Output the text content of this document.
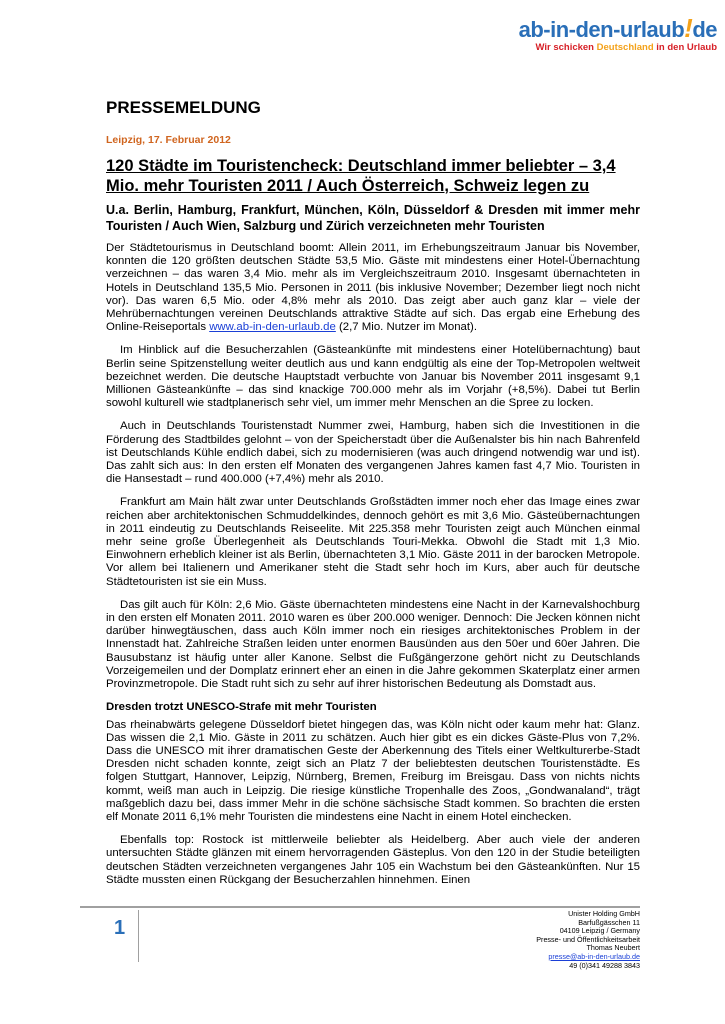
ab-in-den-urlaub!de
Wir schicken Deutschland in den Urlaub
PRESSEMELDUNG
Leipzig, 17. Februar 2012
120 Städte im Touristencheck: Deutschland immer beliebter – 3,4 Mio. mehr Touristen 2011 / Auch Österreich, Schweiz legen zu
U.a. Berlin, Hamburg, Frankfurt, München, Köln, Düsseldorf & Dresden mit immer mehr Touristen / Auch Wien, Salzburg und Zürich verzeichneten mehr Touristen

Der Städtetourismus in Deutschland boomt: Allein 2011, im Erhebungszeitraum Januar bis November, konnten die 120 größten deutschen Städte 53,5 Mio. Gäste mit mindestens einer Hotel-Übernachtung verzeichnen – das waren 3,4 Mio. mehr als im Vergleichszeitraum 2010. Insgesamt übernachteten in Hotels in Deutschland 135,5 Mio. Personen in 2011 (bis inklusive November; Dezember liegt noch nicht vor). Das waren 6,5 Mio. oder 4,8% mehr als 2010. Das zeigt aber auch ganz klar – viele der Mehrübernachtungen vereinen Deutschlands attraktive Städte auf sich. Das ergab eine Erhebung des Online-Reiseportals www.ab-in-den-urlaub.de (2,7 Mio. Nutzer im Monat).

Im Hinblick auf die Besucherzahlen (Gästeankünfte mit mindestens einer Hotelübernachtung) baut Berlin seine Spitzenstellung weiter deutlich aus und kann endgültig als eine der Top-Metropolen weltweit bezeichnet werden. Die deutsche Hauptstadt verbuchte von Januar bis November 2011 insgesamt 9,1 Millionen Gästeankünfte – das sind knackige 700.000 mehr als im Vorjahr (+8,5%). Dabei tut Berlin sowohl kulturell wie stadtplanerisch sehr viel, um immer mehr Menschen an die Spree zu locken.

Auch in Deutschlands Touristenstadt Nummer zwei, Hamburg, haben sich die Investitionen in die Förderung des Stadtbildes gelohnt – von der Speicherstadt über die Außenalster bis hin nach Bahrenfeld ist Deutschlands Kühle endlich dabei, sich zu modernisieren (was auch dringend notwendig war und ist). Das zahlt sich aus: In den ersten elf Monaten des vergangenen Jahres kamen fast 4,7 Mio. Touristen in die Hansestadt – rund 400.000 (+7,4%) mehr als 2010.

Frankfurt am Main hält zwar unter Deutschlands Großstädten immer noch eher das Image eines zwar reichen aber architektonischen Schmuddelkindes, dennoch gehört es mit 3,6 Mio. Gästeübernachtungen in 2011 eindeutig zu Deutschlands Reiseelite. Mit 225.358 mehr Touristen zeigt auch München einmal mehr seine große Überlegenheit als Deutschlands Touri-Mekka. Obwohl die Stadt mit 1,3 Mio. Einwohnern erheblich kleiner ist als Berlin, übernachteten 3,1 Mio. Gäste 2011 in der barocken Metropole. Vor allem bei Italienern und Amerikaner steht die Stadt sehr hoch im Kurs, aber auch für deutsche Städtetouristen ist sie ein Muss.

Das gilt auch für Köln: 2,6 Mio. Gäste übernachteten mindestens eine Nacht in der Karnevalshochburg in den ersten elf Monaten 2011. 2010 waren es über 200.000 weniger. Dennoch: Die Jecken können nicht darüber hinwegtäuschen, dass auch Köln immer noch ein riesiges architektonisches Problem in der Innenstadt hat. Zahlreiche Straßen leiden unter enormen Bausünden aus den 50er und 60er Jahren. Die Bausubstanz ist häufig unter aller Kanone. Selbst die Fußgängerzone gehört nicht zu Deutschlands Vorzeigemeilen und der Domplatz erinnert eher an einen in die Jahre gekommen Skaterplatz einer armen Provinzmetropole. Die Stadt ruht sich zu sehr auf ihrer historischen Bedeutung als Domstadt aus.

Dresden trotzt UNESCO-Strafe mit mehr Touristen

Das rheinabwärts gelegene Düsseldorf bietet hingegen das, was Köln nicht oder kaum mehr hat: Glanz. Das wissen die 2,1 Mio. Gäste in 2011 zu schätzen. Auch hier gibt es ein dickes Gäste-Plus von 7,2%. Dass die UNESCO mit ihrer dramatischen Geste der Aberkennung des Titels einer Weltkulturerbe-Stadt Dresden nicht schaden konnte, zeigt sich an Platz 7 der beliebtesten deutschen Touristenstädte. Es folgen Stuttgart, Hannover, Leipzig, Nürnberg, Bremen, Freiburg im Breisgau. Dass von nichts nichts kommt, weiß man auch in Leipzig. Die riesige künstliche Tropenhalle des Zoos, „Gondwanaland“, trägt maßgeblich dazu bei, dass immer Mehr in die schöne sächsische Stadt kommen. So brachten die ersten elf Monate 2011 6,1% mehr Touristen die mindestens eine Nacht in einem Hotel einchecken.

Ebenfalls top: Rostock ist mittlerweile beliebter als Heidelberg. Aber auch viele der anderen untersuchten Städte glänzen mit einem hervorragenden Gästeplus. Von den 120 in der Studie beteiligten deutschen Städten verzeichneten vergangenes Jahr 105 ein Wachstum bei den Gästeankünften. Nur 15 Städte mussten einen Rückgang der Besucherzahlen hinnehmen. Einen

1
Unister Holding GmbH
Barfußgässchen 11
04109 Leipzig / Germany
Presse- und Öffentlichkeitsarbeit
Thomas Neubert
presse@ab-in-den-urlaub.de
49 (0)341 49288 3843
